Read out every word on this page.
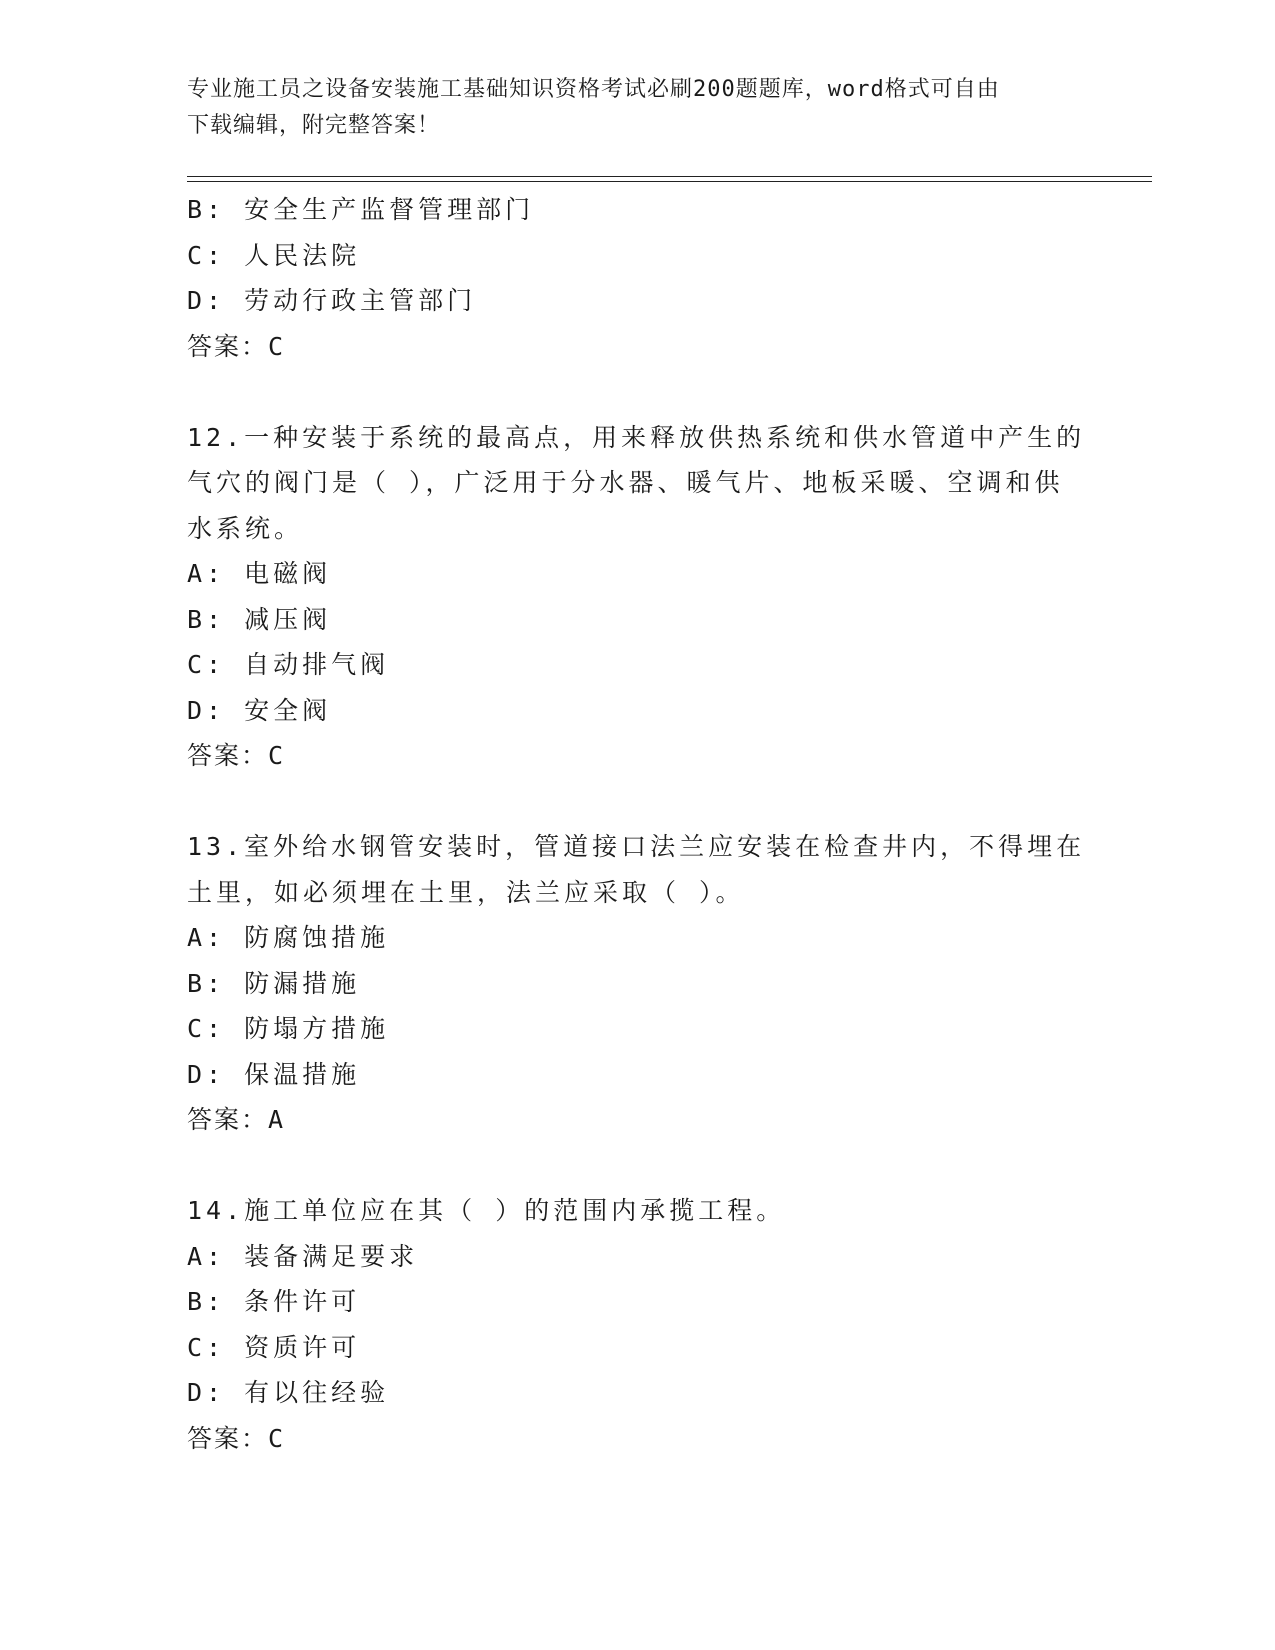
专业施工员之设备安装施工基础知识资格考试必刷200题题库，word格式可自由
下载编辑，附完整答案！
B: 安全生产监督管理部门
C: 人民法院
D: 劳动行政主管部门
答案：C
12.一种安装于系统的最高点，用来释放供热系统和供水管道中产生的
气穴的阀门是（ ），广泛用于分水器、暖气片、地板采暖、空调和供
水系统。
A: 电磁阀
B: 减压阀
C: 自动排气阀
D: 安全阀
答案：C
13.室外给水钢管安装时，管道接口法兰应安装在检查井内，不得埋在
土里，如必须埋在土里，法兰应采取（ ）。
A: 防腐蚀措施
B: 防漏措施
C: 防塌方措施
D: 保温措施
答案：A
14.施工单位应在其（ ）的范围内承揽工程。
A: 装备满足要求
B: 条件许可
C: 资质许可
D: 有以往经验
答案：C
